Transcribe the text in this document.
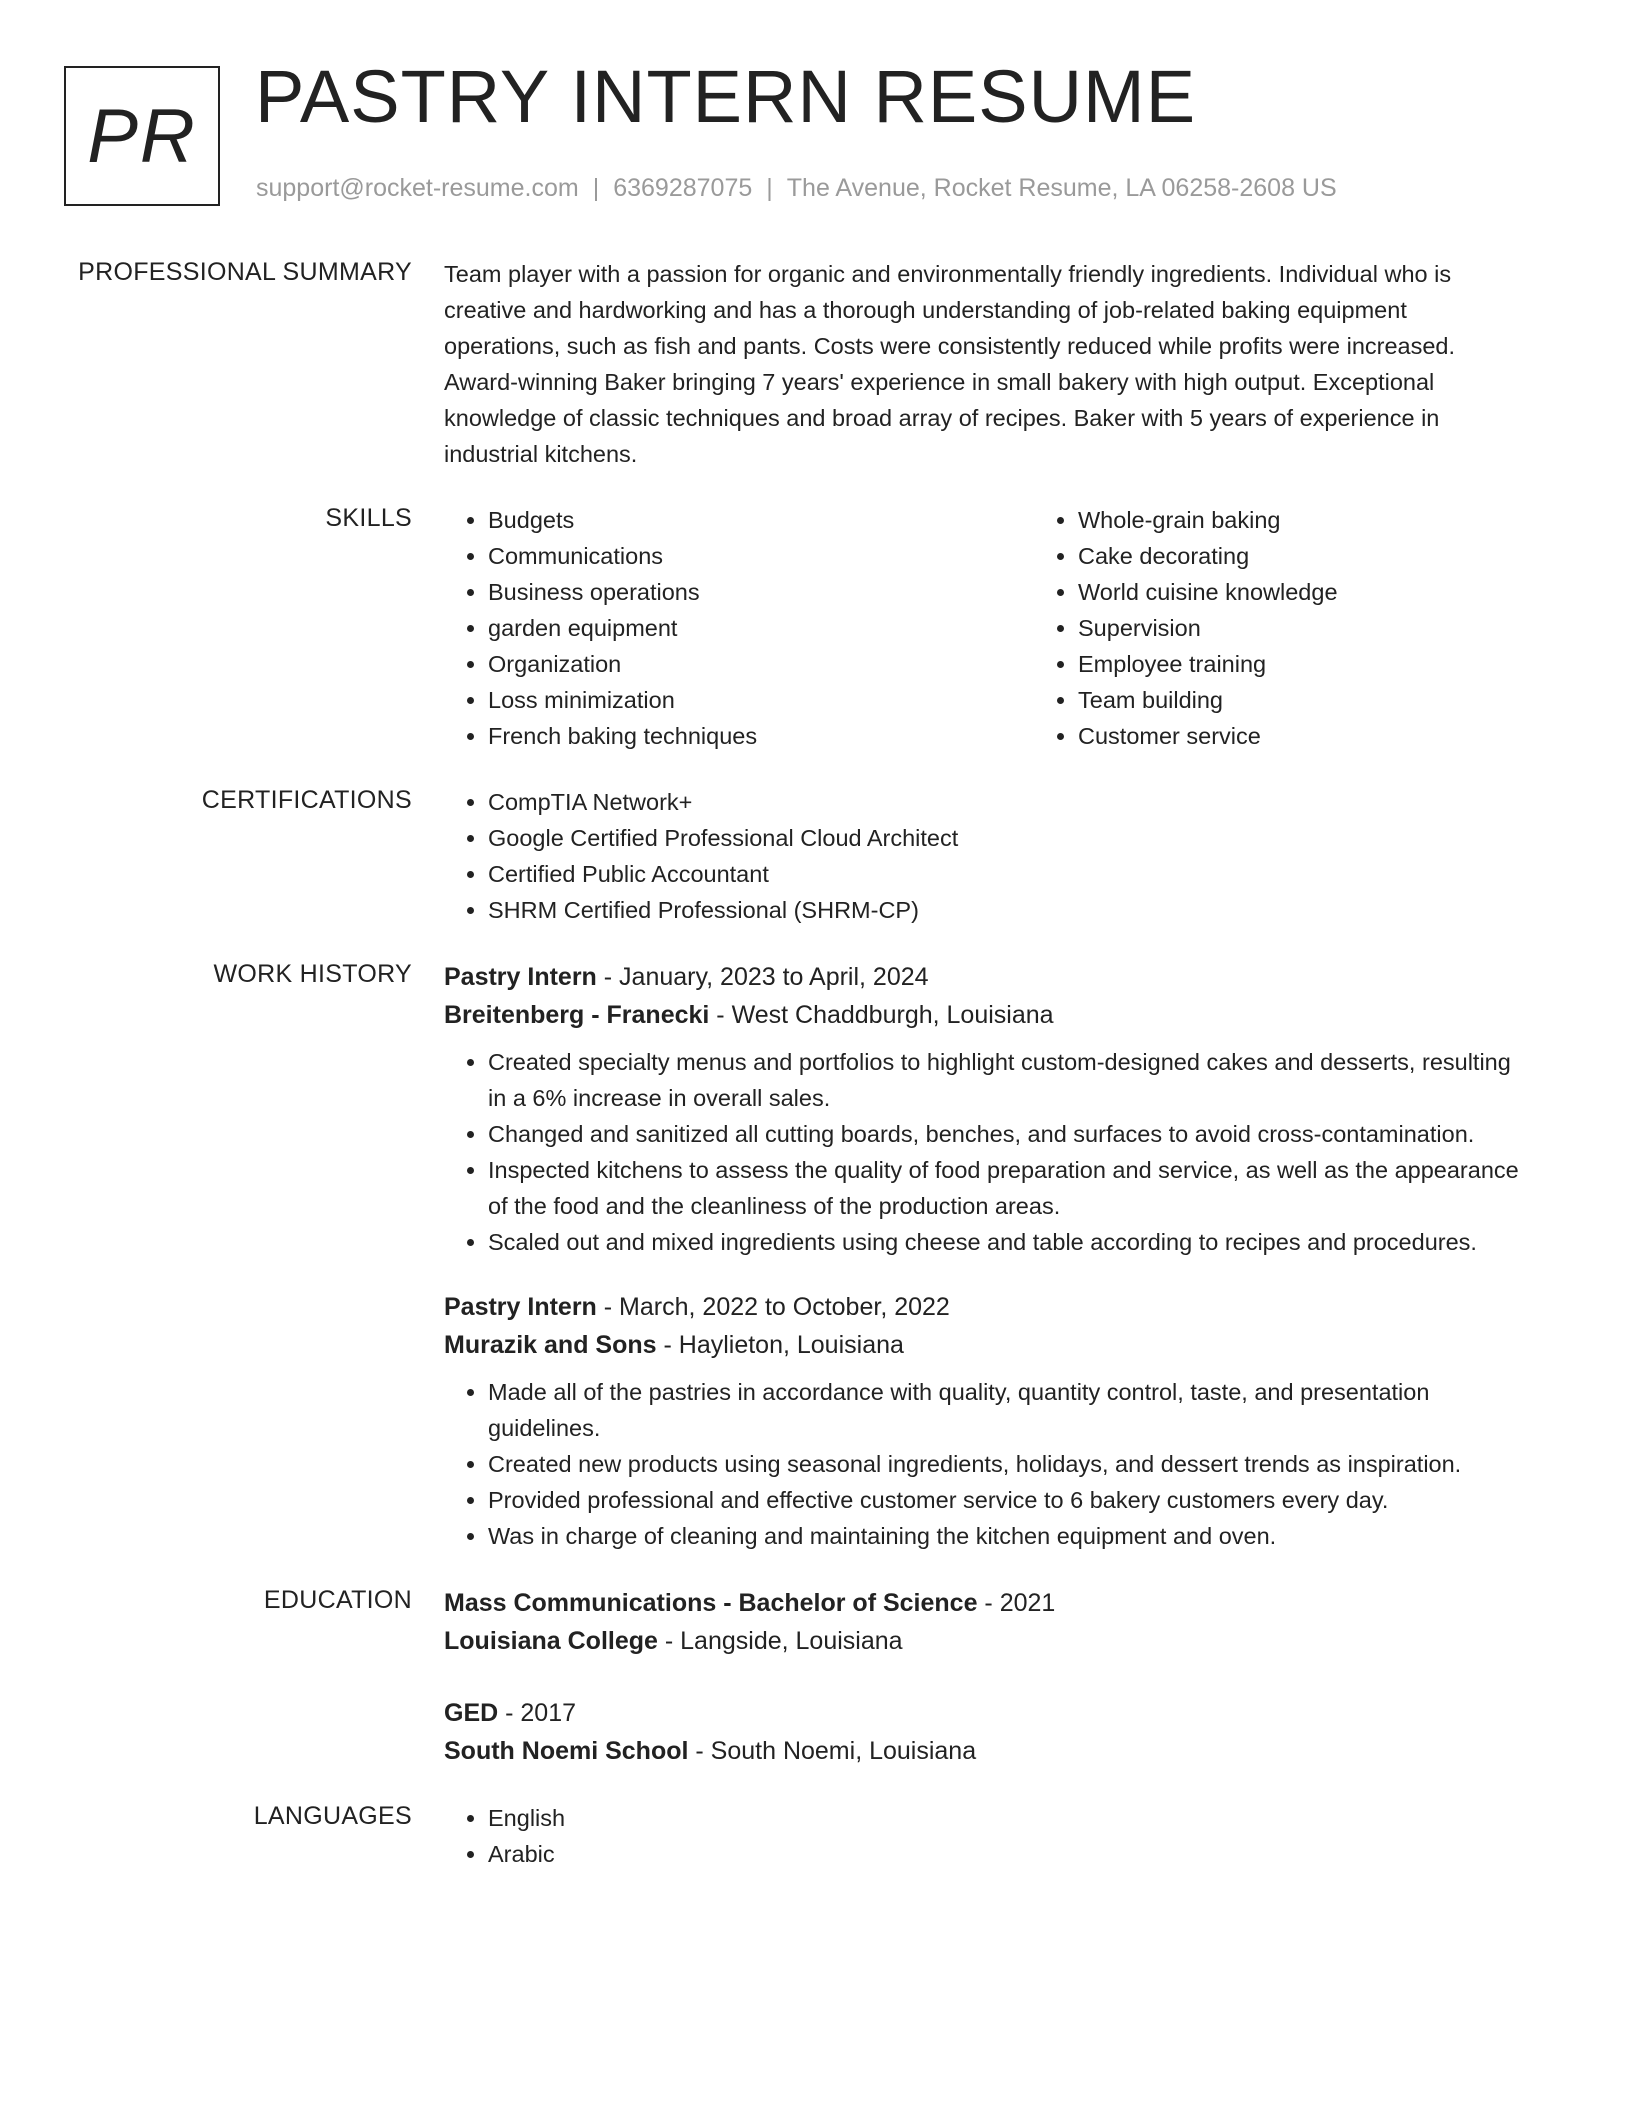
PR PASTRY INTERN RESUME
support@rocket-resume.com | 6369287075 | The Avenue, Rocket Resume, LA 06258-2608 US
PROFESSIONAL SUMMARY Team player with a passion for organic and environmentally friendly ingredients. Individual who is creative and hardworking and has a thorough understanding of job-related baking equipment operations, such as fish and pants. Costs were consistently reduced while profits were increased. Award-winning Baker bringing 7 years' experience in small bakery with high output. Exceptional knowledge of classic techniques and broad array of recipes. Baker with 5 years of experience in industrial kitchens.

SKILLS	• Budgets
• Communications
• Business operations
• garden equipment
• Organization
• Loss minimization
• French baking techniques
• Whole-grain baking
• Cake decorating
• World cuisine knowledge
• Supervision
• Employee training
• Team building
• Customer service
CERTIFICATIONS	• CompTIA Network+
• Google Certified Professional Cloud Architect
• Certified Public Accountant
• SHRM Certified Professional (SHRM-CP)
WORK HISTORY Pastry Intern - January, 2023 to April, 2024
Breitenberg - Franecki - West Chaddburgh, Louisiana
• Created specialty menus and portfolios to highlight custom-designed cakes and desserts, resulting in a 6% increase in overall sales.
• Changed and sanitized all cutting boards, benches, and surfaces to avoid cross-contamination.
• Inspected kitchens to assess the quality of food preparation and service, as well as the appearance of the food and the cleanliness of the production areas.
• Scaled out and mixed ingredients using cheese and table according to recipes and procedures.
Pastry Intern - March, 2022 to October, 2022
Murazik and Sons - Haylieton, Louisiana
• Made all of the pastries in accordance with quality, quantity control, taste, and presentation guidelines.
• Created new products using seasonal ingredients, holidays, and dessert trends as inspiration.
• Provided professional and effective customer service to 6 bakery customers every day.
• Was in charge of cleaning and maintaining the kitchen equipment and oven.
EDUCATION Mass Communications - Bachelor of Science - 2021
Louisiana College - Langside, Louisiana
GED - 2017
South Noemi School - South Noemi, Louisiana
LANGUAGES	• English
• Arabic
